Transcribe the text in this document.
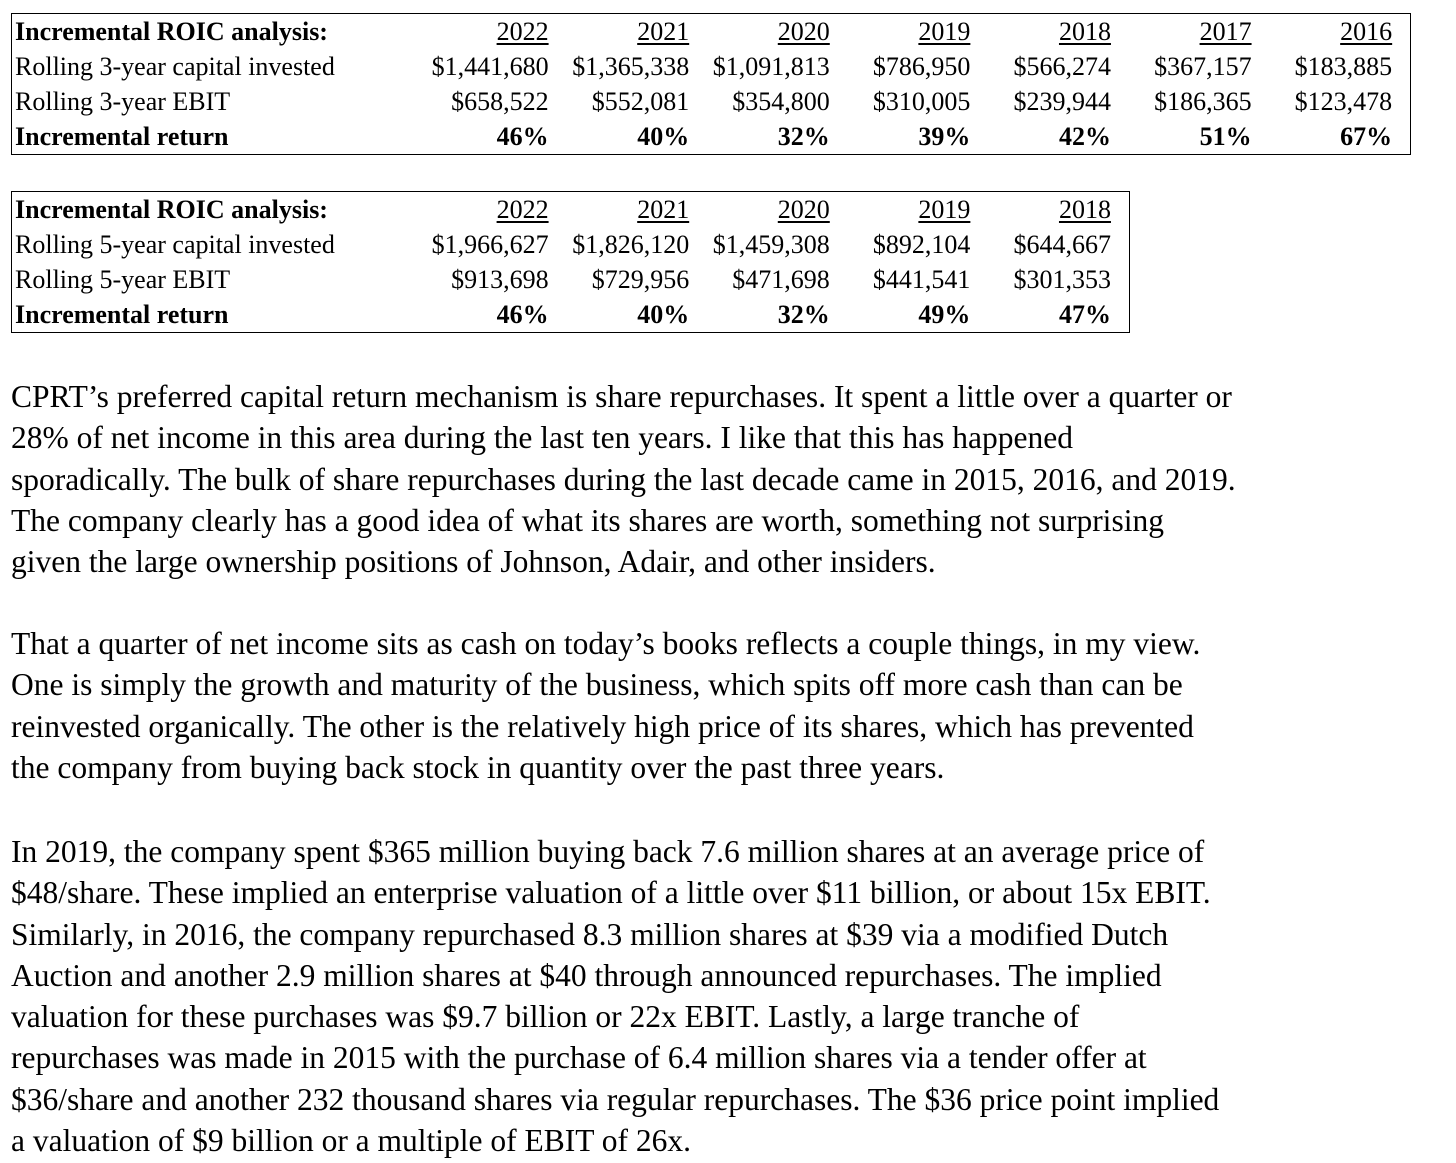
Incremental ROIC analysis:	2022	2021	2020	2019	2018	2017	2016
Rolling 3-year capital invested	$1,441,680 $1,365,338 $1,091,813	$786,950	$566,274	$367,157	$183,885
Rolling 3-year EBIT	$658,522	$552,081	$354,800	$310,005	$239,944	$186,365	$123,478
Incremental return	46%	40%	32%	39%	42%	51%	67%
Incremental ROIC analysis:	2022	2021	2020	2019	2018
Rolling 5-year capital invested	$1,966,627 $1,826,120 $1,459,308	$892,104	$644,667
Rolling 5-year EBIT	$913,698	$729,956	$471,698	$441,541	$301,353
Incremental return	46%	40%	32%	49%	47%

CPRT’s preferred capital return mechanism is share repurchases. It spent a little over a quarter or
28% of net income in this area during the last ten years. I like that this has happened
sporadically. The bulk of share repurchases during the last decade came in 2015, 2016, and 2019.
The company clearly has a good idea of what its shares are worth, something not surprising
given the large ownership positions of Johnson, Adair, and other insiders.

That a quarter of net income sits as cash on today’s books reflects a couple things, in my view.
One is simply the growth and maturity of the business, which spits off more cash than can be
reinvested organically. The other is the relatively high price of its shares, which has prevented
the company from buying back stock in quantity over the past three years.

In 2019, the company spent $365 million buying back 7.6 million shares at an average price of
$48/share. These implied an enterprise valuation of a little over $11 billion, or about 15x EBIT.
Similarly, in 2016, the company repurchased 8.3 million shares at $39 via a modified Dutch
Auction and another 2.9 million shares at $40 through announced repurchases. The implied
valuation for these purchases was $9.7 billion or 22x EBIT. Lastly, a large tranche of
repurchases was made in 2015 with the purchase of 6.4 million shares via a tender offer at
$36/share and another 232 thousand shares via regular repurchases. The $36 price point implied
a valuation of $9 billion or a multiple of EBIT of 26x.
